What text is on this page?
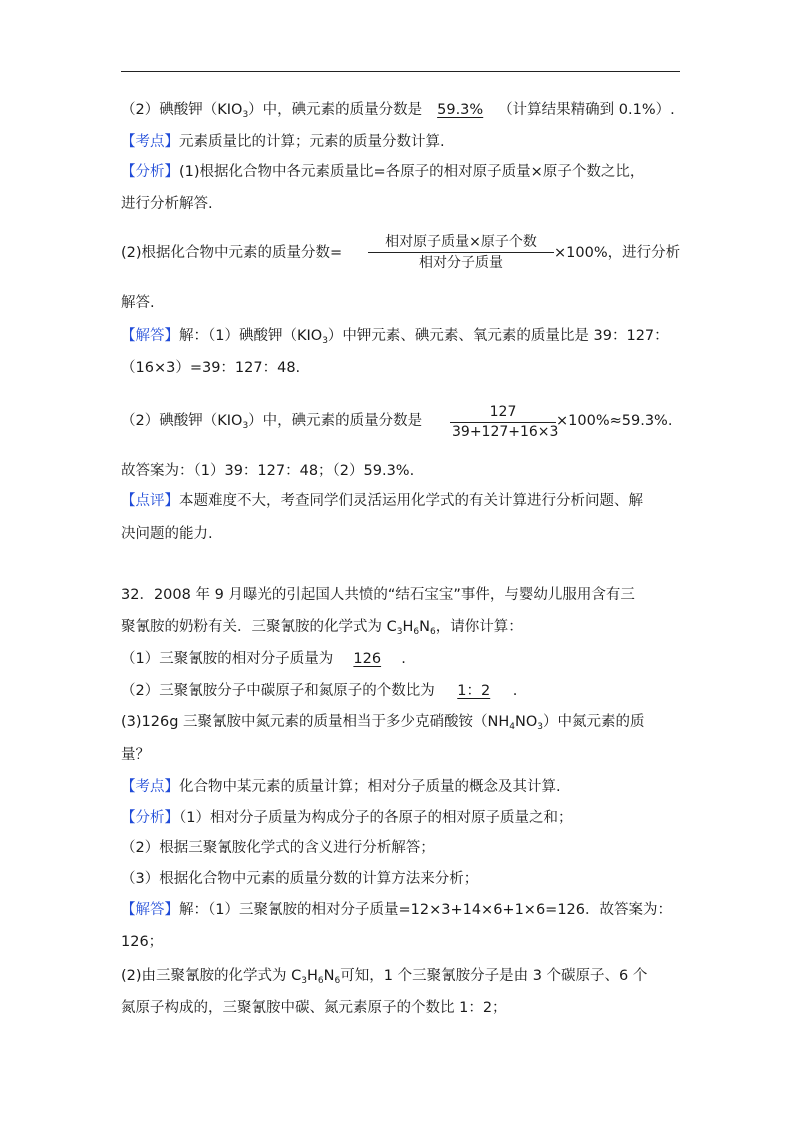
（2）碘酸钾$(KIO_3)$中，碘元素的质量分数是 59.3% （计算结果精确到 0.1%）.
【考点】元素质量比的计算；元素的质量分数计算.
【分析】(1)根据化合物中各元素质量比=各原子的相对原子质量×原子个数之比，
进行分析解答.
(2)根据化合物中元素的质量分数=
相对原子质量×原子个数
相对分子质量
×100%，进行分析
解答.
【解答】解：（1）碘酸钾$(KIO_3)$中钾元素、碘元素、氧元素的质量比是 39：127：
（16×3）=39：127：48.
（2）碘酸钾$(KIO_3)$中，碘元素的质量分数是
127
39+127+16×3
×100%≈59.3%.
故答案为：（1）39：127：48；（2）59.3%.
【点评】本题难度不大，考查同学们灵活运用化学式的有关计算进行分析问题、解
决问题的能力.
32．2008 年 9 月曝光的引起国人共愤的“结石宝宝”事件，与婴幼儿服用含有三
聚氰胺的奶粉有关．三聚氰胺的化学式为 $C_3H_6N_6$，请你计算：
（1）三聚氰胺的相对分子质量为 126 .
（2）三聚氰胺分子中碳原子和氮原子的个数比为 1：2 .
(3)126g 三聚氰胺中氮元素的质量相当于多少克硝酸铵$(NH_4NO_3)$中氮元素的质
量？
【考点】化合物中某元素的质量计算；相对分子质量的概念及其计算.
【分析】（1）相对分子质量为构成分子的各原子的相对原子质量之和；
（2）根据三聚氰胺化学式的含义进行分析解答；
（3）根据化合物中元素的质量分数的计算方法来分析；
【解答】解：（1）三聚氰胺的相对分子质量=12×3+14×6+1×6=126．故答案为：
126；
(2)由三聚氰胺的化学式为 $C_3H_6N_6$可知，1 个三聚氰胺分子是由 3 个碳原子、6 个
氮原子构成的，三聚氰胺中碳、氮元素原子的个数比 1：2；
